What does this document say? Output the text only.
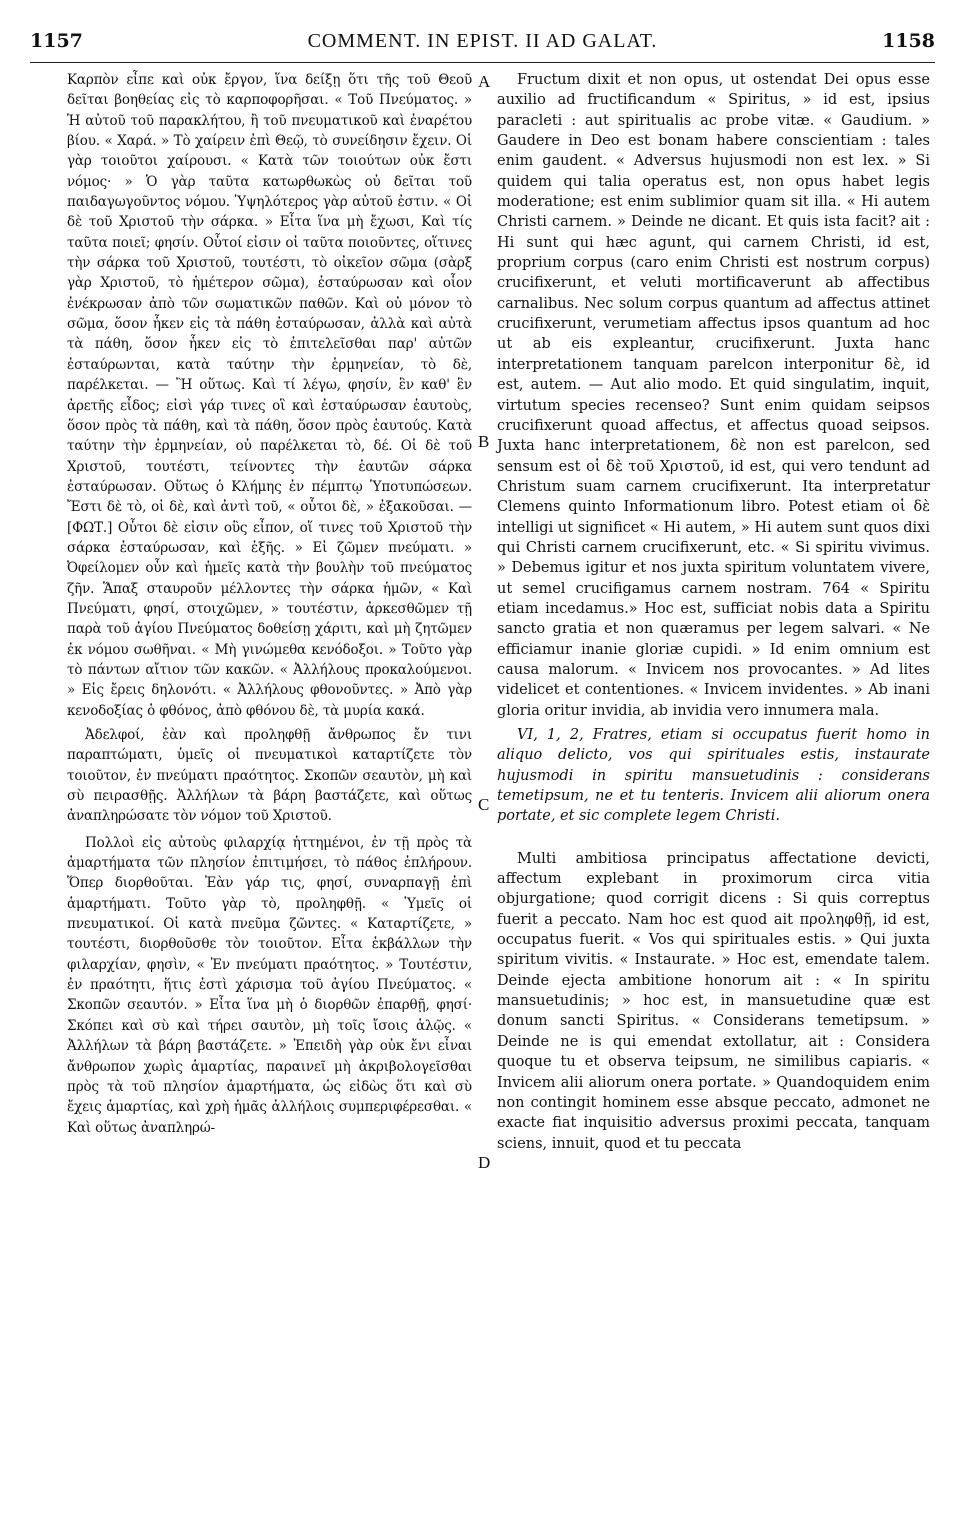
1157	COMMENT. IN EPIST. II AD GALAT.	1158

Καρπὸν εἶπε καὶ οὐκ ἔργον, ἵνα δείξῃ ὅτι τῆς τοῦ Θεοῦ δεῖται βοηθείας εἰς τὸ καρποφορῆσαι. « Τοῦ Πνεύματος. » Ἡ αὐτοῦ τοῦ παρακλήτου, ἢ τοῦ πνευματικοῦ καὶ ἐναρέτου βίου. « Χαρά. » Τὸ χαίρειν ἐπὶ Θεῷ, τὸ συνείδησιν ἔχειν. Οἱ γὰρ τοιοῦτοι χαίρουσι. « Κατὰ τῶν τοιούτων οὐκ ἔστι νόμος· » Ὁ γὰρ ταῦτα κατωρθωκὼς οὐ δεῖται τοῦ παιδαγωγοῦντος νόμου. Ὑψηλότερος γὰρ αὐτοῦ ἐστιν. « Οἱ δὲ τοῦ Χριστοῦ τὴν σάρκα. » Εἶτα ἵνα μὴ ἔχωσι, Καὶ τίς ταῦτα ποιεῖ; φησίν. Οὗτοί εἰσιν οἱ ταῦτα ποιοῦντες, οἵτινες τὴν σάρκα τοῦ Χριστοῦ, τουτέστι, τὸ οἰκεῖον σῶμα (σὰρξ γὰρ Χριστοῦ, τὸ ἡμέτερον σῶμα), ἐσταύρωσαν καὶ οἷον ἐνέκρωσαν ἀπὸ τῶν σωματικῶν παθῶν. Καὶ οὐ μόνον τὸ σῶμα, ὅσον ἧκεν εἰς τὰ πάθη ἐσταύρωσαν, ἀλλὰ καὶ αὐτὰ τὰ πάθη, ὅσον ἧκεν εἰς τὸ ἐπιτελεῖσθαι παρ' αὐτῶν ἐσταύρωνται, κατὰ ταύτην τὴν ἑρμηνείαν, τὸ δὲ, παρέλκεται. — Ἢ οὕτως. Καὶ τί λέγω, φησίν, ἓν καθ' ἓν ἀρετῆς εἶδος; εἰσὶ γάρ τινες οἳ καὶ ἐσταύρωσαν ἑαυτοὺς, ὅσον πρὸς τὰ πάθη, καὶ τὰ πάθη, ὅσον πρὸς ἑαυτούς. Κατὰ ταύτην τὴν ἑρμηνείαν, οὐ παρέλκεται τὸ, δέ. Οἱ δὲ τοῦ Χριστοῦ, τουτέστι, τείνοντες τὴν ἑαυτῶν σάρκα ἐσταύρωσαν. Οὕτως ὁ Κλήμης ἐν πέμπτῳ Ὑποτυπώσεων. Ἔστι δὲ τὸ, οἱ δὲ, καὶ ἀντὶ τοῦ, « οὗτοι δὲ, » ἐξακοῦσαι. — [ΦΩΤ.] Οὗτοι δὲ εἰσιν οὓς εἶπον, οἵ τινες τοῦ Χριστοῦ τὴν σάρκα ἐσταύρωσαν, καὶ ἑξῆς. » Εἰ ζῶμεν πνεύματι. » Ὀφείλομεν οὖν καὶ ἡμεῖς κατὰ τὴν βουλὴν τοῦ πνεύματος ζῆν. Ἅπαξ σταυροῦν μέλλοντες τὴν σάρκα ἡμῶν, « Καὶ Πνεύματι, φησί, στοιχῶμεν, » τουτέστιν, ἀρκεσθῶμεν τῇ παρὰ τοῦ ἁγίου Πνεύματος δοθείσῃ χάριτι, καὶ μὴ ζητῶμεν ἐκ νόμου σωθῆναι. « Μὴ γινώμεθα κενόδοξοι. » Τοῦτο γὰρ τὸ πάντων αἴτιον τῶν κακῶν. « Ἀλλήλους προκαλούμενοι. » Εἰς ἔρεις δηλονότι. « Ἀλλήλους φθονοῦντες. » Ἀπὸ γὰρ κενοδοξίας ὁ φθόνος, ἀπὸ φθόνου δὲ, τὰ μυρία κακά.

Ἀδελφοί, ἐὰν καὶ προληφθῇ ἄνθρωπος ἔν τινι παραπτώματι, ὑμεῖς οἱ πνευματικοὶ καταρτίζετε τὸν τοιοῦτον, ἐν πνεύματι πραότητος. Σκοπῶν σεαυτὸν, μὴ καὶ σὺ πειρασθῇς. Ἀλλήλων τὰ βάρη βαστάζετε, καὶ οὕτως ἀναπληρώσατε τὸν νόμον τοῦ Χριστοῦ.

Πολλοὶ εἰς αὐτοὺς φιλαρχίᾳ ἡττημένοι, ἐν τῇ πρὸς τὰ ἁμαρτήματα τῶν πλησίον ἐπιτιμήσει, τὸ πάθος ἐπλήρουν. Ὅπερ διορθοῦται. Ἐὰν γάρ τις, φησί, συναρπαγῇ ἐπὶ ἁμαρτήματι. Τοῦτο γὰρ τὸ, προληφθῇ. « Ὑμεῖς οἱ πνευματικοί. Οἱ κατὰ πνεῦμα ζῶντες. « Καταρτίζετε, » τουτέστι, διορθοῦσθε τὸν τοιοῦτον. Εἶτα ἐκβάλλων τὴν φιλαρχίαν, φησὶν, « Ἐν πνεύματι πραότητος. » Τουτέστιν, ἐν πραότητι, ἥτις ἐστὶ χάρισμα τοῦ ἁγίου Πνεύματος. « Σκοπῶν σεαυτόν. » Εἶτα ἵνα μὴ ὁ διορθῶν ἐπαρθῇ, φησί· Σκόπει καὶ σὺ καὶ τήρει σαυτὸν, μὴ τοῖς ἴσοις ἁλῷς. « Ἀλλήλων τὰ βάρη βαστάζετε. » Ἐπειδὴ γὰρ οὐκ ἔνι εἶναι ἄνθρωπον χωρὶς ἁμαρτίας, παραινεῖ μὴ ἀκριβολογεῖσθαι πρὸς τὰ τοῦ πλησίον ἁμαρτήματα, ὡς εἰδὼς ὅτι καὶ σὺ ἔχεις ἁμαρτίας, καὶ χρὴ ἡμᾶς ἀλλήλοις συμπεριφέρεσθαι. « Καὶ οὕτως ἀναπληρώ-

A
B
C
D

Fructum dixit et non opus, ut ostendat Dei opus esse auxilio ad fructificandum « Spiritus, » id est, ipsius paracleti : aut spiritualis ac probe vitæ. « Gaudium. » Gaudere in Deo est bonam habere conscientiam : tales enim gaudent. « Adversus hujusmodi non est lex. » Si quidem qui talia operatus est, non opus habet legis moderatione; est enim sublimior quam sit illa. « Hi autem Christi carnem. » Deinde ne dicant. Et quis ista facit? ait : Hi sunt qui hæc agunt, qui carnem Christi, id est, proprium corpus (caro enim Christi est nostrum corpus) crucifixerunt, et veluti mortificaverunt ab affectibus carnalibus. Nec solum corpus quantum ad affectus attinet crucifixerunt, verumetiam affectus ipsos quantum ad hoc ut ab eis expleantur, crucifixerunt. Juxta hanc interpretationem tanquam parelcon interponitur δὲ, id est, autem. — Aut alio modo. Et quid singulatim, inquit, virtutum species recenseo? Sunt enim quidam seipsos crucifixerunt quoad affectus, et affectus quoad seipsos. Juxta hanc interpretationem, δὲ non est parelcon, sed sensum est οἱ δὲ τοῦ Χριστοῦ, id est, qui vero tendunt ad Christum suam carnem crucifixerunt. Ita interpretatur Clemens quinto Informationum libro. Potest etiam οἱ δὲ intelligi ut significet « Hi autem, » Hi autem sunt quos dixi qui Christi carnem crucifixerunt, etc. « Si spiritu vivimus. » Debemus igitur et nos juxta spiritum voluntatem vivere, ut semel crucifigamus carnem nostram. 764 « Spiritu etiam incedamus.» Hoc est, sufficiat nobis data a Spiritu sancto gratia et non quæramus per legem salvari. « Ne efficiamur inanie gloriæ cupidi. » Id enim omnium est causa malorum. « Invicem nos provocantes. » Ad lites videlicet et contentiones. « Invicem invidentes. » Ab inani gloria oritur invidia, ab invidia vero innumera mala.

VI, 1, 2, Fratres, etiam si occupatus fuerit homo in aliquo delicto, vos qui spirituales estis, instaurate hujusmodi in spiritu mansuetudinis : considerans temetipsum, ne et tu tenteris. Invicem alii aliorum onera portate, et sic complete legem Christi.

Multi ambitiosa principatus affectatione devicti, affectum explebant in proximorum circa vitia objurgatione; quod corrigit dicens : Si quis correptus fuerit a peccato. Nam hoc est quod ait προληφθῇ, id est, occupatus fuerit. « Vos qui spirituales estis. » Qui juxta spiritum vivitis. « Instaurate. » Hoc est, emendate talem. Deinde ejecta ambitione honorum ait : « In spiritu mansuetudinis; » hoc est, in mansuetudine quæ est donum sancti Spiritus. « Considerans temetipsum. » Deinde ne is qui emendat extollatur, ait : Considera quoque tu et observa teipsum, ne similibus capiaris. « Invicem alii aliorum onera portate. » Quandoquidem enim non contingit hominem esse absque peccato, admonet ne exacte fiat inquisitio adversus proximi peccata, tanquam sciens, innuit, quod et tu peccata
